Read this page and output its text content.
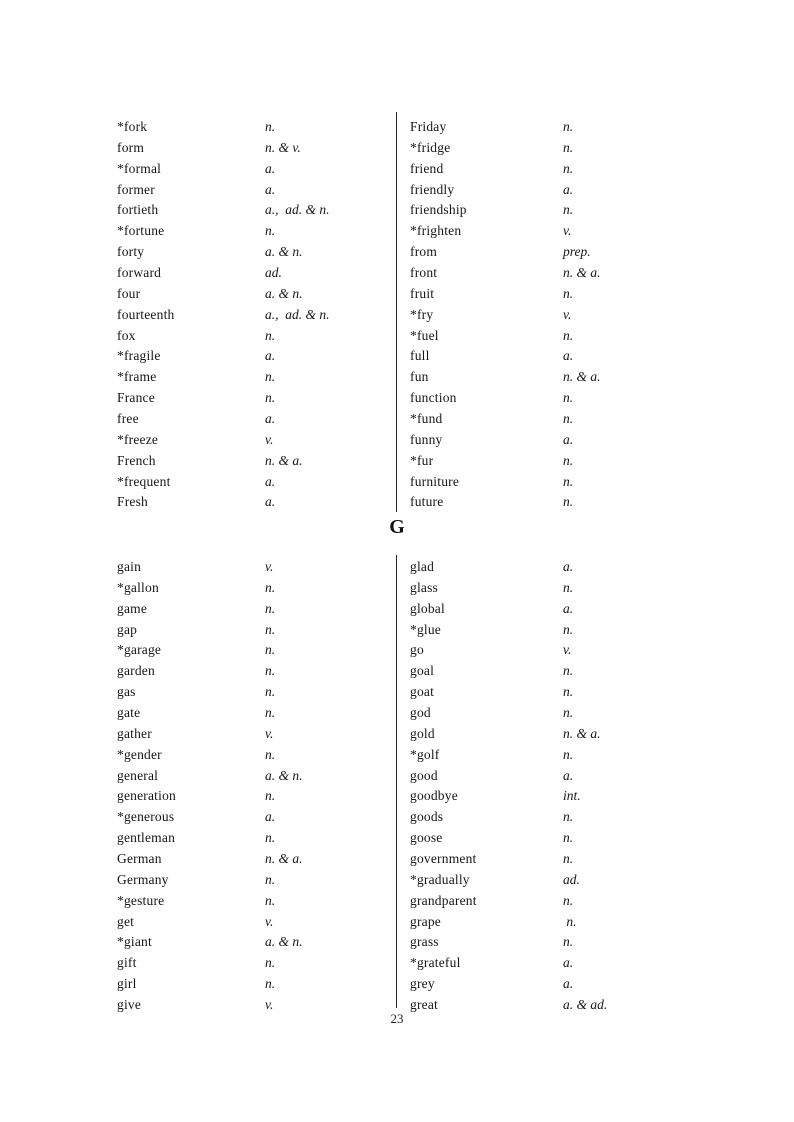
*fork	n.
form	n. & v.
*formal	a.
former	a.
fortieth	a.,  ad. & n.
*fortune	n.
forty	a. & n.
forward	ad.
four	a. & n.
fourteenth	a.,  ad. & n.
fox	n.
*fragile	a.
*frame	n.
France	n.
free	a.
*freeze	v.
French	n. & a.
*frequent	a.
Fresh	a.
Friday	n.
*fridge	n.
friend	n.
friendly	a.
friendship	n.
*frighten	v.
from	prep.
front	n. & a.
fruit	n.
*fry	v.
*fuel	n.
full	a.
fun	n. & a.
function	n.
*fund	n.
funny	a.
*fur	n.
furniture	n.
future	n.
G
gain	v.
*gallon	n.
game	n.
gap	n.
*garage	n.
garden	n.
gas	n.
gate	n.
gather	v.
*gender	n.
general	a. & n.
generation	n.
*generous	a.
gentleman	n.
German	n. & a.
Germany	n.
*gesture	n.
get	v.
*giant	a. & n.
gift	n.
girl	n.
give	v.
glad	a.
glass	n.
global	a.
*glue	n.
go	v.
goal	n.
goat	n.
god	n.
gold	n. & a.
*golf	n.
good	a.
goodbye	int.
goods	n.
goose	n.
government	n.
*gradually	ad.
grandparent	n.
grape	n.
grass	n.
*grateful	a.
grey	a.
great	a. & ad.
23
